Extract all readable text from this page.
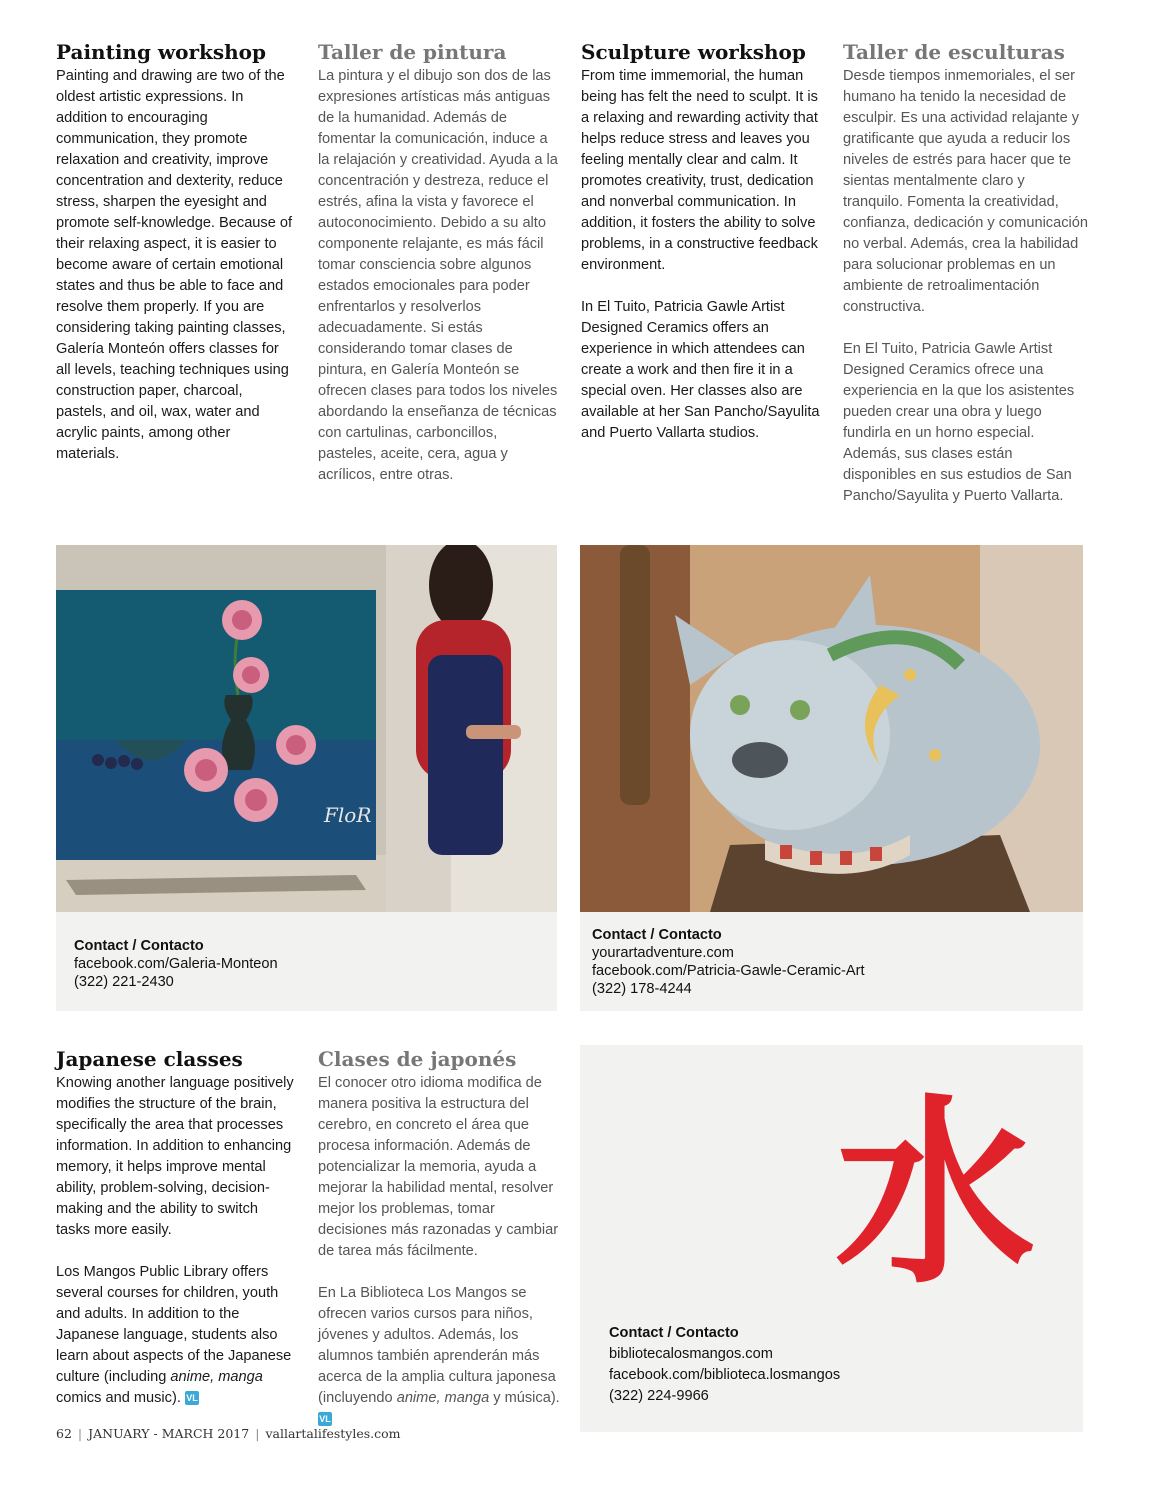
Painting workshop

Painting and drawing are two of the oldest artistic expressions. In addition to encouraging communication, they promote relaxation and creativity, improve concentration and dexterity, reduce stress, sharpen the eyesight and promote self-knowledge. Because of their relaxing aspect, it is easier to become aware of certain emotional states and thus be able to face and resolve them properly. If you are considering taking painting classes, Galería Monteón offers classes for all levels, teaching techniques using construction paper, charcoal, pastels, and oil, wax, water and acrylic paints, among other materials.

Taller de pintura

La pintura y el dibujo son dos de las expresiones artísticas más antiguas de la humanidad. Además de fomentar la comunicación, induce a la relajación y creatividad. Ayuda a la concentración y destreza, reduce el estrés, afina la vista y favorece el autoconocimiento. Debido a su alto componente relajante, es más fácil tomar consciencia sobre algunos estados emocionales para poder enfrentarlos y resolverlos adecuadamente. Si estás considerando tomar clases de pintura, en Galería Monteón se ofrecen clases para todos los niveles abordando la enseñanza de técnicas con cartulinas, carboncillos, pasteles, aceite, cera, agua y acrílicos, entre otras.

Sculpture workshop

From time immemorial, the human being has felt the need to sculpt. It is a relaxing and rewarding activity that helps reduce stress and leaves you feeling mentally clear and calm. It promotes creativity, trust, dedication and nonverbal communication. In addition, it fosters the ability to solve problems, in a constructive feedback environment.

In El Tuito, Patricia Gawle Artist Designed Ceramics offers an experience in which attendees can create a work and then fire it in a special oven. Her classes also are available at her San Pancho/Sayulita and Puerto Vallarta studios.

Taller de esculturas

Desde tiempos inmemoriales, el ser humano ha tenido la necesidad de esculpir. Es una actividad relajante y gratificante que ayuda a reducir los niveles de estrés para hacer que te sientas mentalmente claro y tranquilo. Fomenta la creatividad, confianza, dedicación y comunicación no verbal. Además, crea la habilidad para solucionar problemas en un ambiente de retroalimentación constructiva.

En El Tuito, Patricia Gawle Artist Designed Ceramics ofrece una experiencia en la que los asistentes pueden crear una obra y luego fundirla en un horno especial. Además, sus clases están disponibles en sus estudios de San Pancho/Sayulita y Puerto Vallarta.

FloR
Contact / Contacto
facebook.com/Galeria-Monteon
(322) 221-2430
Contact / Contacto
yourartadventure.com
facebook.com/Patricia-Gawle-Ceramic-Art
(322) 178-4244
Japanese classes

Knowing another language positively modifies the structure of the brain, specifically the area that processes information. In addition to enhancing memory, it helps improve mental ability, problem-solving, decision-making and the ability to switch tasks more easily.

Los Mangos Public Library offers several courses for children, youth and adults. In addition to the Japanese language, students also learn about aspects of the Japanese culture (including anime, manga comics and music). VL

Clases de japonés

El conocer otro idioma modifica de manera positiva la estructura del cerebro, en concreto el área que procesa información. Además de potencializar la memoria, ayuda a mejorar la habilidad mental, resolver mejor los problemas, tomar decisiones más razonadas y cambiar de tarea más fácilmente.

En La Biblioteca Los Mangos se ofrecen varios cursos para niños, jóvenes y adultos. Además, los alumnos también aprenderán más acerca de la amplia cultura japonesa (incluyendo anime, manga y música). VL

水
Contact / Contacto
bibliotecalosmangos.com
facebook.com/biblioteca.losmangos
(322) 224-9966
62 | JANUARY - MARCH 2017 | vallartalifestyles.com
